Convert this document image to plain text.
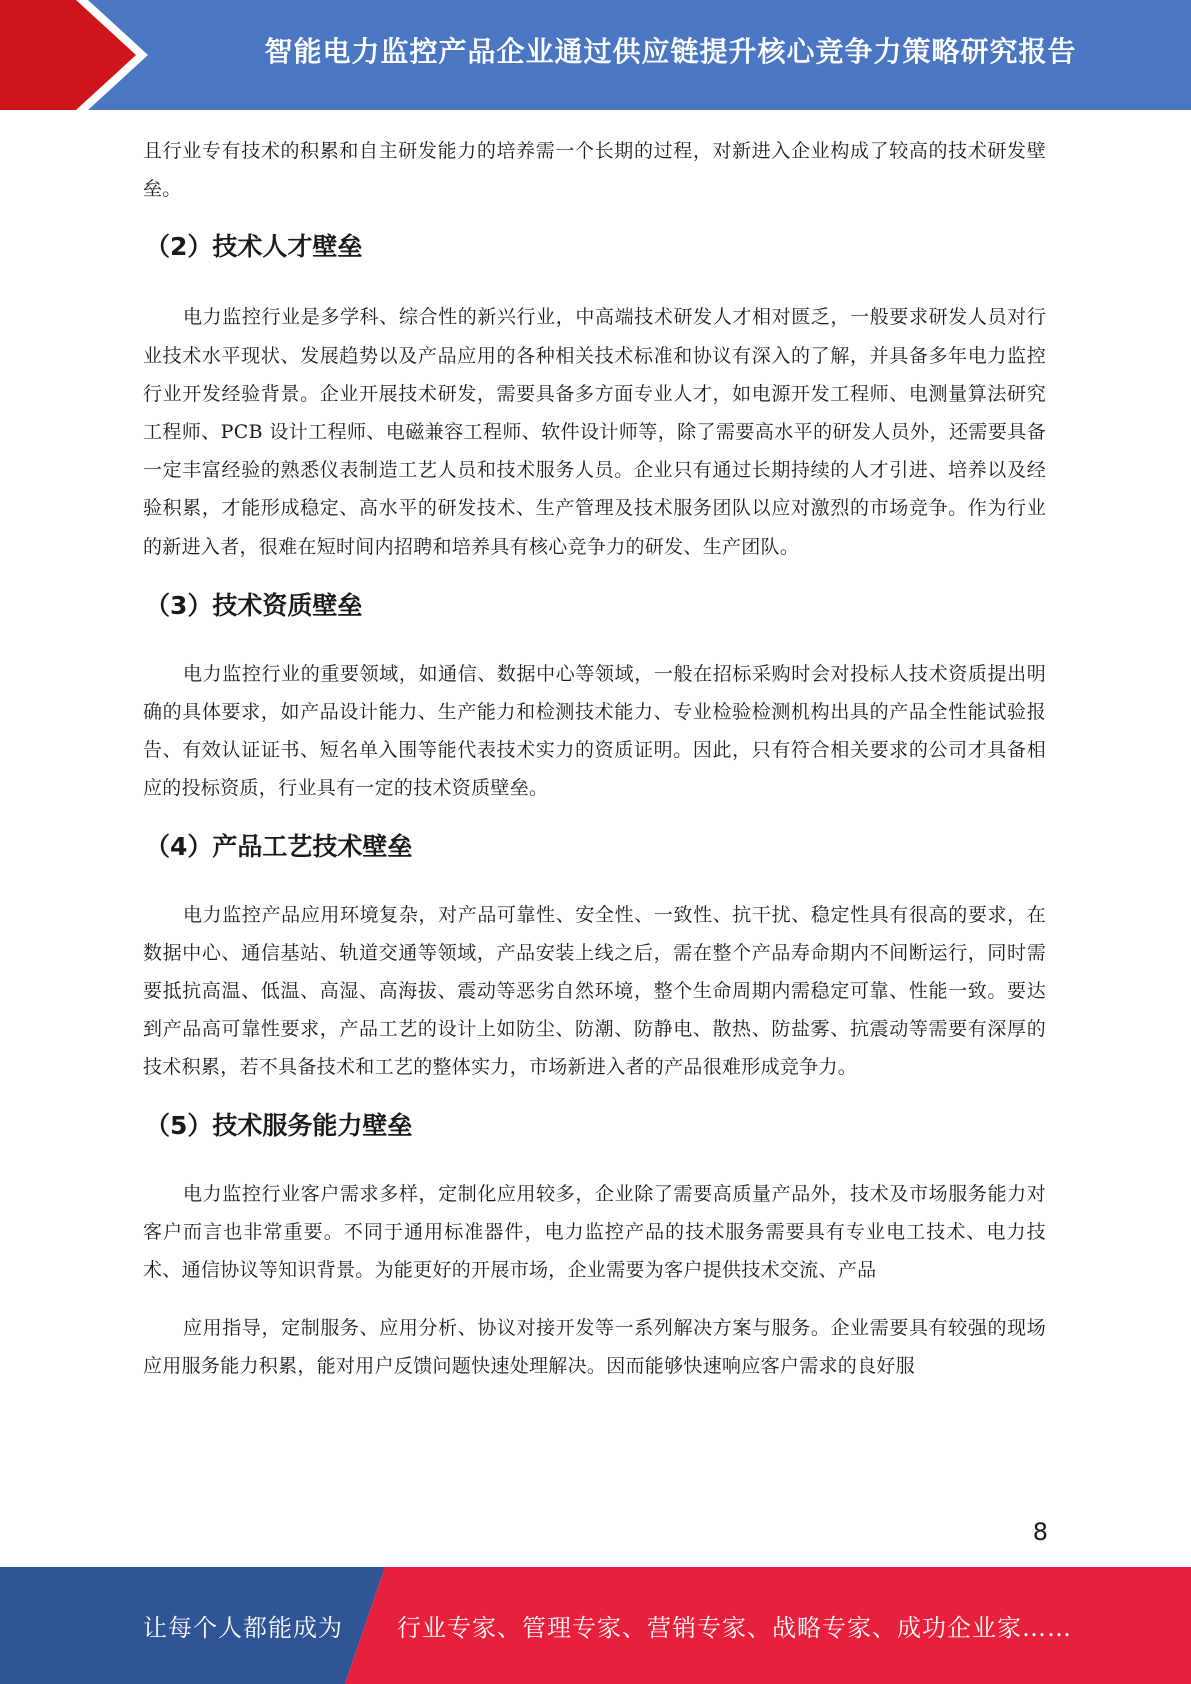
智能电力监控产品企业通过供应链提升核心竞争力策略研究报告

且行业专有技术的积累和自主研发能力的培养需一个长期的过程，对新进入企业构成了较高的技术研发壁垒。

（2）技术人才壁垒

电力监控行业是多学科、综合性的新兴行业，中高端技术研发人才相对匮乏，一般要求研发人员对行业技术水平现状、发展趋势以及产品应用的各种相关技术标准和协议有深入的了解，并具备多年电力监控行业开发经验背景。企业开展技术研发，需要具备多方面专业人才，如电源开发工程师、电测量算法研究工程师、PCB 设计工程师、电磁兼容工程师、软件设计师等，除了需要高水平的研发人员外，还需要具备一定丰富经验的熟悉仪表制造工艺人员和技术服务人员。企业只有通过长期持续的人才引进、培养以及经验积累，才能形成稳定、高水平的研发技术、生产管理及技术服务团队以应对激烈的市场竞争。作为行业的新进入者，很难在短时间内招聘和培养具有核心竞争力的研发、生产团队。

（3）技术资质壁垒

电力监控行业的重要领域，如通信、数据中心等领域，一般在招标采购时会对投标人技术资质提出明确的具体要求，如产品设计能力、生产能力和检测技术能力、专业检验检测机构出具的产品全性能试验报告、有效认证证书、短名单入围等能代表技术实力的资质证明。因此，只有符合相关要求的公司才具备相应的投标资质，行业具有一定的技术资质壁垒。

（4）产品工艺技术壁垒

电力监控产品应用环境复杂，对产品可靠性、安全性、一致性、抗干扰、稳定性具有很高的要求，在数据中心、通信基站、轨道交通等领域，产品安装上线之后，需在整个产品寿命期内不间断运行，同时需要抵抗高温、低温、高湿、高海拔、震动等恶劣自然环境，整个生命周期内需稳定可靠、性能一致。要达到产品高可靠性要求，产品工艺的设计上如防尘、防潮、防静电、散热、防盐雾、抗震动等需要有深厚的技术积累，若不具备技术和工艺的整体实力，市场新进入者的产品很难形成竞争力。

（5）技术服务能力壁垒

电力监控行业客户需求多样，定制化应用较多，企业除了需要高质量产品外，技术及市场服务能力对客户而言也非常重要。不同于通用标准器件，电力监控产品的技术服务需要具有专业电工技术、电力技术、通信协议等知识背景。为能更好的开展市场，企业需要为客户提供技术交流、产品

应用指导，定制服务、应用分析、协议对接开发等一系列解决方案与服务。企业需要具有较强的现场应用服务能力积累，能对用户反馈问题快速处理解决。因而能够快速响应客户需求的良好服

8
让每个人都能成为 行业专家、管理专家、营销专家、战略专家、成功企业家……
